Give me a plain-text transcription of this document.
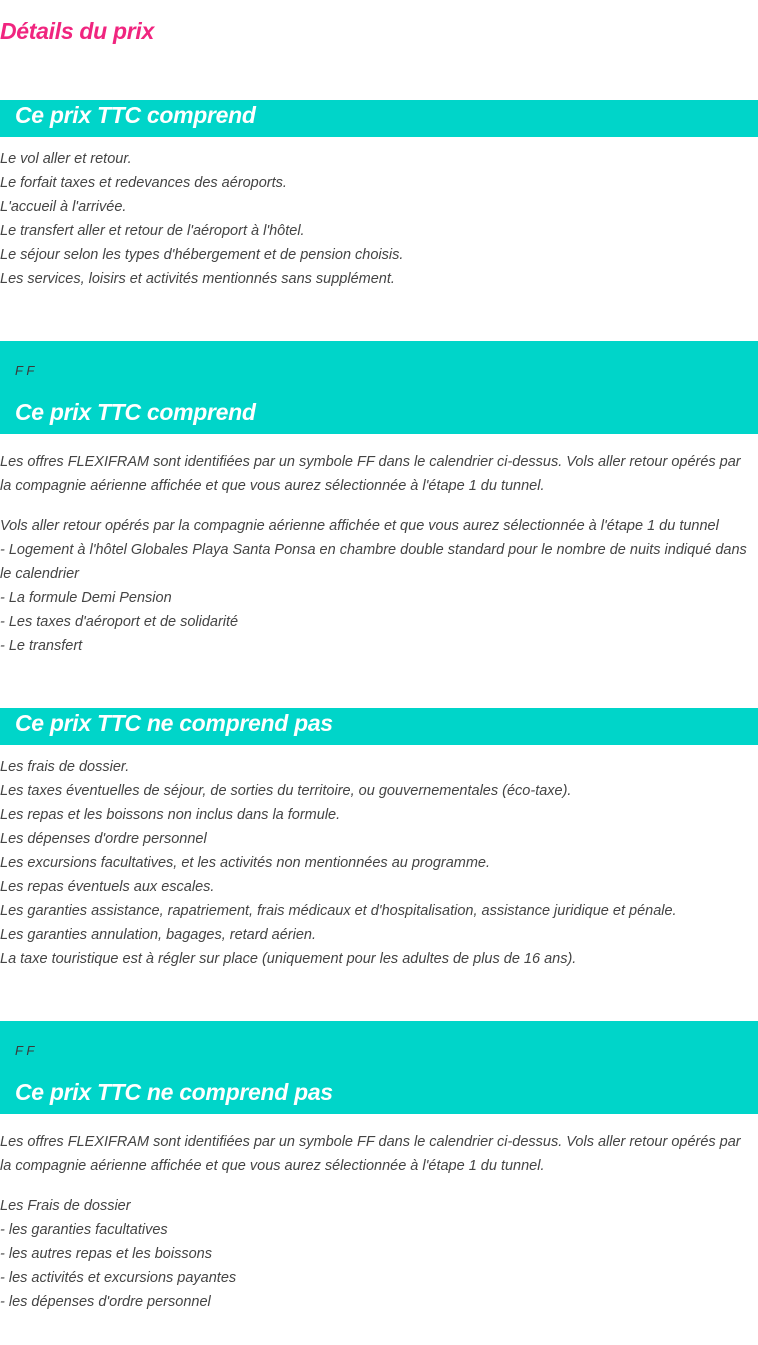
Détails du prix
Ce prix TTC comprend
Le vol aller et retour.
Le forfait taxes et redevances des aéroports.
L'accueil à l'arrivée.
Le transfert aller et retour de l'aéroport à l'hôtel.
Le séjour selon les types d'hébergement et de pension choisis.
Les services, loisirs et activités mentionnés sans supplément.
F F
Ce prix TTC comprend
Les offres FLEXIFRAM sont identifiées par un symbole FF dans le calendrier ci-dessus. Vols aller retour opérés par la compagnie aérienne affichée et que vous aurez sélectionnée à l'étape 1 du tunnel.
Vols aller retour opérés par la compagnie aérienne affichée et que vous aurez sélectionnée à l'étape 1 du tunnel
- Logement à l'hôtel Globales Playa Santa Ponsa en chambre double standard pour le nombre de nuits indiqué dans le calendrier
- La formule Demi Pension
- Les taxes d'aéroport et de solidarité
- Le transfert
Ce prix TTC ne comprend pas
Les frais de dossier.
Les taxes éventuelles de séjour, de sorties du territoire, ou gouvernementales (éco-taxe).
Les repas et les boissons non inclus dans la formule.
Les dépenses d'ordre personnel
Les excursions facultatives, et les activités non mentionnées au programme.
Les repas éventuels aux escales.
Les garanties assistance, rapatriement, frais médicaux et d'hospitalisation, assistance juridique et pénale.
Les garanties annulation, bagages, retard aérien.
La taxe touristique est à régler sur place (uniquement pour les adultes de plus de 16 ans).
F F
Ce prix TTC ne comprend pas
Les offres FLEXIFRAM sont identifiées par un symbole FF dans le calendrier ci-dessus. Vols aller retour opérés par la compagnie aérienne affichée et que vous aurez sélectionnée à l'étape 1 du tunnel.
Les Frais de dossier
- les garanties facultatives
- les autres repas et les boissons
- les activités et excursions payantes
- les dépenses d'ordre personnel
